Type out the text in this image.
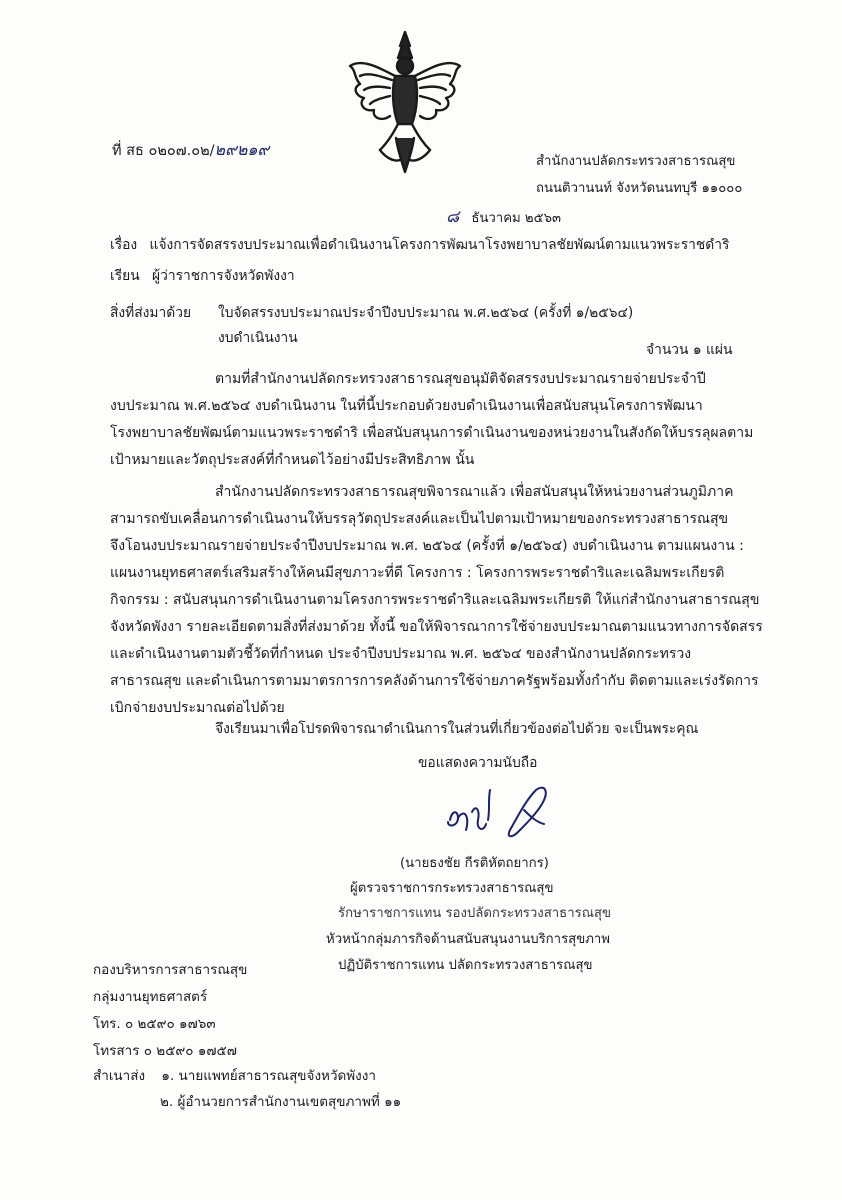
ที่ สธ ๐๒๐๗.๐๒/๒๙๒๑๙
สำนักงานปลัดกระทรวงสาธารณสุข
ถนนติวานนท์ จังหวัดนนทบุรี ๑๑๐๐๐
๘ ธันวาคม ๒๕๖๓
เรื่อง แจ้งการจัดสรรงบประมาณเพื่อดำเนินงานโครงการพัฒนาโรงพยาบาลชัยพัฒน์ตามแนวพระราชดำริ
เรียน ผู้ว่าราชการจังหวัดพังงา
สิ่งที่ส่งมาด้วย ใบจัดสรรงบประมาณประจำปีงบประมาณ พ.ศ.๒๕๖๔ (ครั้งที่ ๑/๒๕๖๔)
งบดำเนินงาน
จำนวน ๑ แผ่น
ตามที่สำนักงานปลัดกระทรวงสาธารณสุขอนุมัติจัดสรรงบประมาณรายจ่ายประจำปี
งบประมาณ พ.ศ.๒๕๖๔ งบดำเนินงาน ในที่นี้ประกอบด้วยงบดำเนินงานเพื่อสนับสนุนโครงการพัฒนา
โรงพยาบาลชัยพัฒน์ตามแนวพระราชดำริ เพื่อสนับสนุนการดำเนินงานของหน่วยงานในสังกัดให้บรรลุผลตาม
เป้าหมายและวัตถุประสงค์ที่กำหนดไว้อย่างมีประสิทธิภาพ นั้น
สำนักงานปลัดกระทรวงสาธารณสุขพิจารณาแล้ว เพื่อสนับสนุนให้หน่วยงานส่วนภูมิภาค
สามารถขับเคลื่อนการดำเนินงานให้บรรลุวัตถุประสงค์และเป็นไปตามเป้าหมายของกระทรวงสาธารณสุข
จึงโอนงบประมาณรายจ่ายประจำปีงบประมาณ พ.ศ. ๒๕๖๔ (ครั้งที่ ๑/๒๕๖๔) งบดำเนินงาน ตามแผนงาน :
แผนงานยุทธศาสตร์เสริมสร้างให้คนมีสุขภาวะที่ดี โครงการ : โครงการพระราชดำริและเฉลิมพระเกียรติ
กิจกรรม : สนับสนุนการดำเนินงานตามโครงการพระราชดำริและเฉลิมพระเกียรติ ให้แก่สำนักงานสาธารณสุข
จังหวัดพังงา รายละเอียดตามสิ่งที่ส่งมาด้วย ทั้งนี้ ขอให้พิจารณาการใช้จ่ายงบประมาณตามแนวทางการจัดสรร
และดำเนินงานตามตัวชี้วัดที่กำหนด ประจำปีงบประมาณ พ.ศ. ๒๕๖๔ ของสำนักงานปลัดกระทรวง
สาธารณสุข และดำเนินการตามมาตรการการคลังด้านการใช้จ่ายภาครัฐพร้อมทั้งกำกับ ติดตามและเร่งรัดการ
เบิกจ่ายงบประมาณต่อไปด้วย
จึงเรียนมาเพื่อโปรดพิจารณาดำเนินการในส่วนที่เกี่ยวข้องต่อไปด้วย จะเป็นพระคุณ
ขอแสดงความนับถือ
(นายธงชัย กีรติหัตถยากร)
ผู้ตรวจราชการกระทรวงสาธารณสุข
รักษาราชการแทน รองปลัดกระทรวงสาธารณสุข
หัวหน้ากลุ่มภารกิจด้านสนับสนุนงานบริการสุขภาพ
ปฏิบัติราชการแทน ปลัดกระทรวงสาธารณสุข
กองบริหารการสาธารณสุข
กลุ่มงานยุทธศาสตร์
โทร. ๐ ๒๕๙๐ ๑๗๖๓
โทรสาร ๐ ๒๕๙๐ ๑๗๕๗
สำเนาส่ง ๑. นายแพทย์สาธารณสุขจังหวัดพังงา
๒. ผู้อำนวยการสำนักงานเขตสุขภาพที่ ๑๑
